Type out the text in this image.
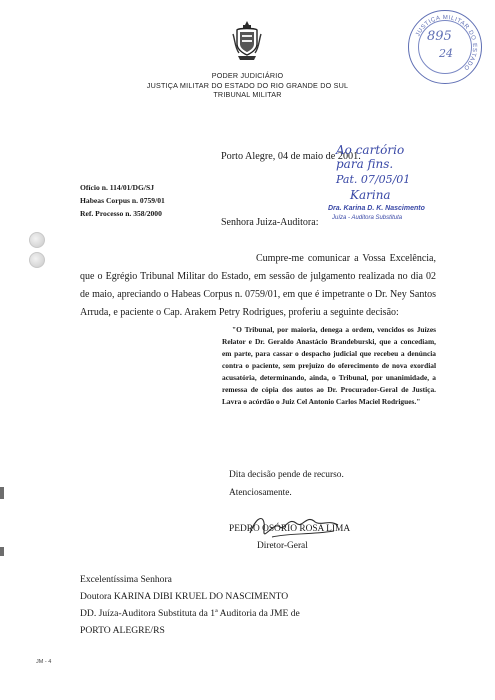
PODER JUDICIÁRIO
JUSTIÇA MILITAR DO ESTADO DO RIO GRANDE DO SUL
TRIBUNAL MILITAR
JUSTIÇA MILITAR DO ESTADO
895
24
Porto Alegre, 04 de maio de 2001.
Ofício n. 114/01/DG/SJ
Habeas Corpus n. 0759/01
Ref. Processo n. 358/2000
Ao cartório
para fins.
Pat. 07/05/01
Karina
Dra. Karina D. K. Nascimento
Juíza - Auditora Substituta
Senhora Juiza-Auditora:
Cumpre-me comunicar a Vossa Excelência, que o Egrégio Tribunal Militar do Estado, em sessão de julgamento realizada no dia 02 de maio, apreciando o Habeas Corpus n. 0759/01, em que é impetrante o Dr. Ney Santos Arruda, e paciente o Cap. Arakem Petry Rodrigues, proferiu a seguinte decisão:
"O Tribunal, por maioria, denega a ordem, vencidos os Juízes Relator e Dr. Geraldo Anastácio Brandeburski, que a concediam, em parte, para cassar o despacho judicial que recebeu a denúncia contra o paciente, sem prejuízo do oferecimento de nova exordial acusatória, determinando, ainda, o Tribunal, por unanimidade, a remessa de cópia dos autos ao Dr. Procurador-Geral de Justiça. Lavra o acórdão o Juiz Cel Antonio Carlos Maciel Rodrigues."
Dita decisão pende de recurso.
Atenciosamente.
PEDRO OSÓRIO ROSA LIMA
Diretor-Geral
Excelentíssima Senhora
Doutora KARINA DIBI KRUEL DO NASCIMENTO
DD. Juíza-Auditora Substituta da 1ª Auditoria da JME de
PORTO ALEGRE/RS
JM - 4
